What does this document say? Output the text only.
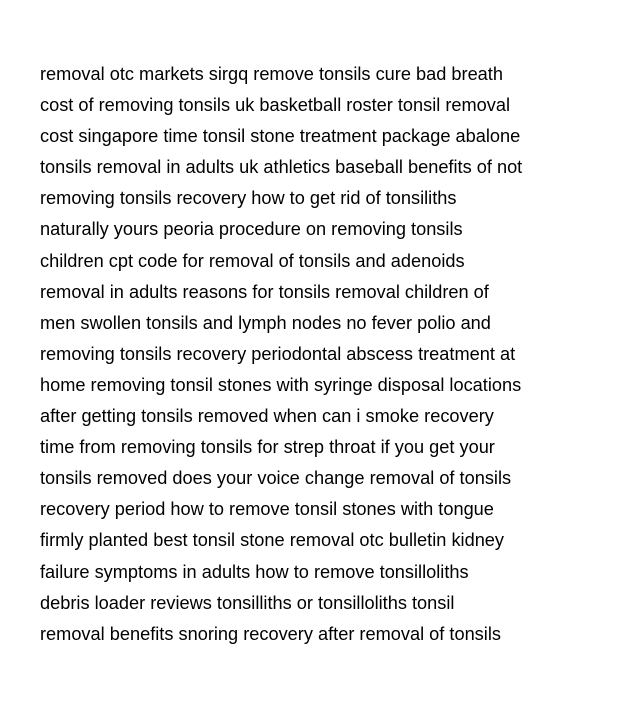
removal otc markets sirgq remove tonsils cure bad breath
cost of removing tonsils uk basketball roster tonsil removal
cost singapore time tonsil stone treatment package abalone
tonsils removal in adults uk athletics baseball benefits of not
removing tonsils recovery how to get rid of tonsiliths
naturally yours peoria procedure on removing tonsils
children cpt code for removal of tonsils and adenoids
removal in adults reasons for tonsils removal children of
men swollen tonsils and lymph nodes no fever polio and
removing tonsils recovery periodontal abscess treatment at
home removing tonsil stones with syringe disposal locations
after getting tonsils removed when can i smoke recovery
time from removing tonsils for strep throat if you get your
tonsils removed does your voice change removal of tonsils
recovery period how to remove tonsil stones with tongue
firmly planted best tonsil stone removal otc bulletin kidney
failure symptoms in adults how to remove tonsilloliths
debris loader reviews tonsilliths or tonsilloliths tonsil
removal benefits snoring recovery after removal of tonsils
